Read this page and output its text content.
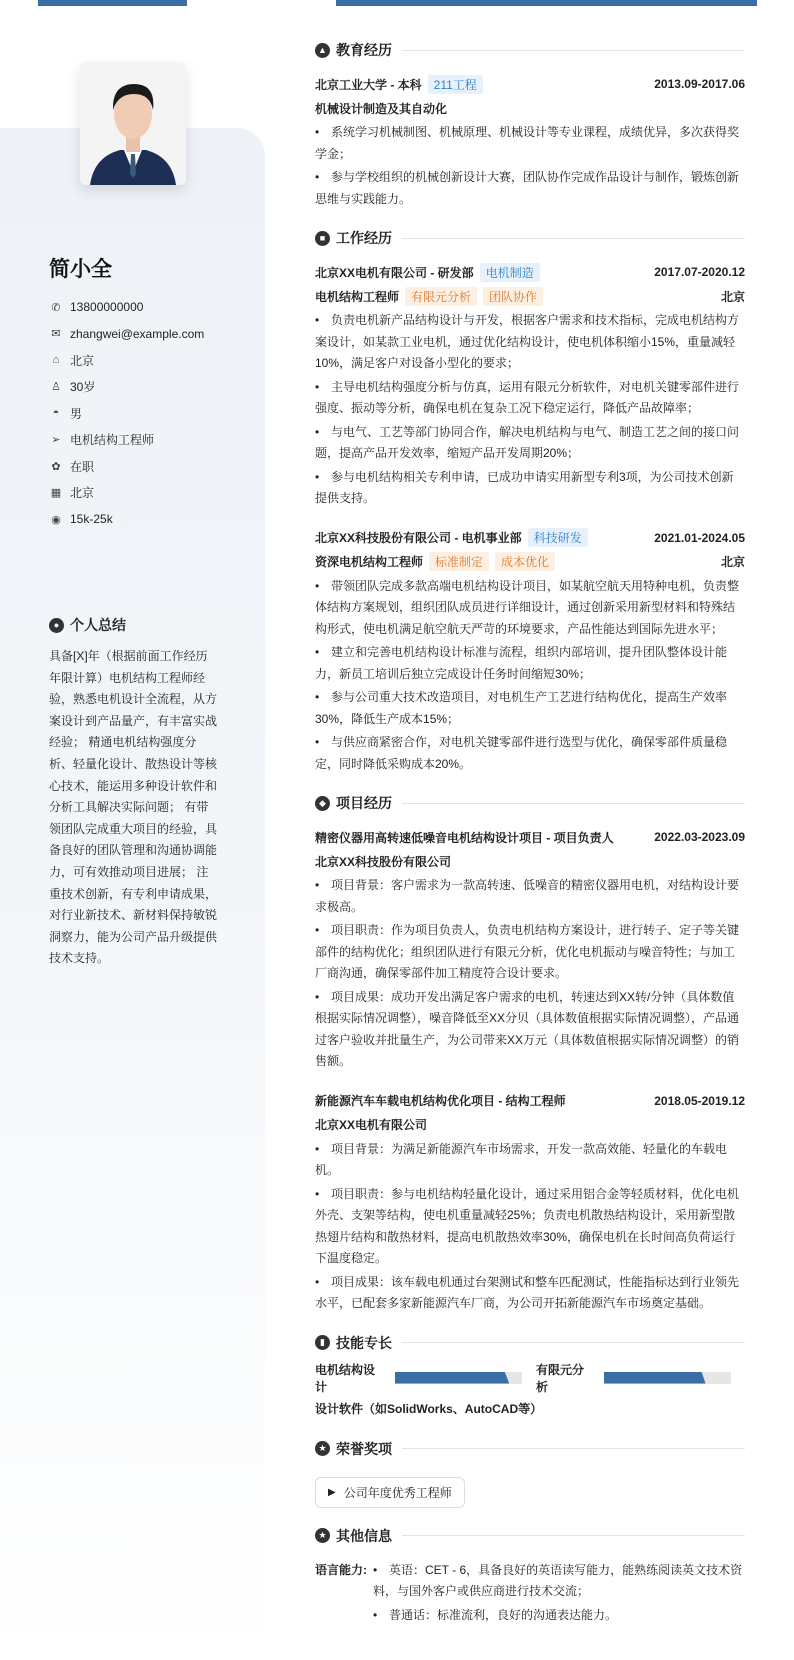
简小全
✆ 13800000000
✉ zhangwei@example.com
⌂ 北京
♙ 30岁
◓ 男
➢ 电机结构工程师
✿ 在职
▦ 北京
◉ 15k-25k
● 个人总结
具备[X]年（根据前面工作经历年限计算）电机结构工程师经验，熟悉电机设计全流程，从方案设计到产品量产，有丰富实战经验； 精通电机结构强度分析、轻量化设计、散热设计等核心技术，能运用多种设计软件和分析工具解决实际问题； 有带领团队完成重大项目的经验，具备良好的团队管理和沟通协调能力，可有效推动项目进展； 注重技术创新，有专利申请成果，对行业新技术、新材料保持敏锐洞察力，能为公司产品升级提供技术支持。
▲ 教育经历
北京工业大学 - 本科 211工程	2013.09-2017.06
机械设计制造及其自动化
• 系统学习机械制图、机械原理、机械设计等专业课程，成绩优异，多次获得奖学金；
• 参与学校组织的机械创新设计大赛，团队协作完成作品设计与制作，锻炼创新思维与实践能力。
■ 工作经历
北京XX电机有限公司 - 研发部 电机制造	2017.07-2020.12
电机结构工程师 有限元分析 团队协作	北京
• 负责电机新产品结构设计与开发，根据客户需求和技术指标，完成电机结构方案设计，如某款工业电机，通过优化结构设计，使电机体积缩小15%，重量减轻10%，满足客户对设备小型化的要求；
• 主导电机结构强度分析与仿真，运用有限元分析软件，对电机关键零部件进行强度、振动等分析，确保电机在复杂工况下稳定运行，降低产品故障率；
• 与电气、工艺等部门协同合作，解决电机结构与电气、制造工艺之间的接口问题，提高产品开发效率，缩短产品开发周期20%；
• 参与电机结构相关专利申请，已成功申请实用新型专利3项，为公司技术创新提供支持。
北京XX科技股份有限公司 - 电机事业部 科技研发	2021.01-2024.05
资深电机结构工程师 标准制定 成本优化	北京
• 带领团队完成多款高端电机结构设计项目，如某航空航天用特种电机，负责整体结构方案规划，组织团队成员进行详细设计，通过创新采用新型材料和特殊结构形式，使电机满足航空航天严苛的环境要求，产品性能达到国际先进水平；
• 建立和完善电机结构设计标准与流程，组织内部培训，提升团队整体设计能力，新员工培训后独立完成设计任务时间缩短30%；
• 参与公司重大技术改造项目，对电机生产工艺进行结构优化，提高生产效率30%，降低生产成本15%；
• 与供应商紧密合作，对电机关键零部件进行选型与优化，确保零部件质量稳定，同时降低采购成本20%。
◆ 项目经历
精密仪器用高转速低噪音电机结构设计项目 - 项目负责人	2022.03-2023.09
北京XX科技股份有限公司
• 项目背景：客户需求为一款高转速、低噪音的精密仪器用电机，对结构设计要求极高。
• 项目职责：作为项目负责人，负责电机结构方案设计，进行转子、定子等关键部件的结构优化；组织团队进行有限元分析，优化电机振动与噪音特性；与加工厂商沟通，确保零部件加工精度符合设计要求。
• 项目成果：成功开发出满足客户需求的电机，转速达到XX转/分钟（具体数值根据实际情况调整），噪音降低至XX分贝（具体数值根据实际情况调整），产品通过客户验收并批量生产，为公司带来XX万元（具体数值根据实际情况调整）的销售额。
新能源汽车车载电机结构优化项目 - 结构工程师	2018.05-2019.12
北京XX电机有限公司
• 项目背景：为满足新能源汽车市场需求，开发一款高效能、轻量化的车载电机。
• 项目职责：参与电机结构轻量化设计，通过采用铝合金等轻质材料，优化电机外壳、支架等结构，使电机重量减轻25%；负责电机散热结构设计，采用新型散热翅片结构和散热材料，提高电机散热效率30%，确保电机在长时间高负荷运行下温度稳定。
• 项目成果：该车载电机通过台架测试和整车匹配测试，性能指标达到行业领先水平，已配套多家新能源汽车厂商，为公司开拓新能源汽车市场奠定基础。
▮ 技能专长
电机结构设计
有限元分析
设计软件（如SolidWorks、AutoCAD等）
★ 荣誉奖项
▶ 公司年度优秀工程师
★ 其他信息
语言能力:	• 英语：CET - 6，具备良好的英语读写能力，能熟练阅读英文技术资料，与国外客户或供应商进行技术交流；
• 普通话：标准流利，良好的沟通表达能力。
